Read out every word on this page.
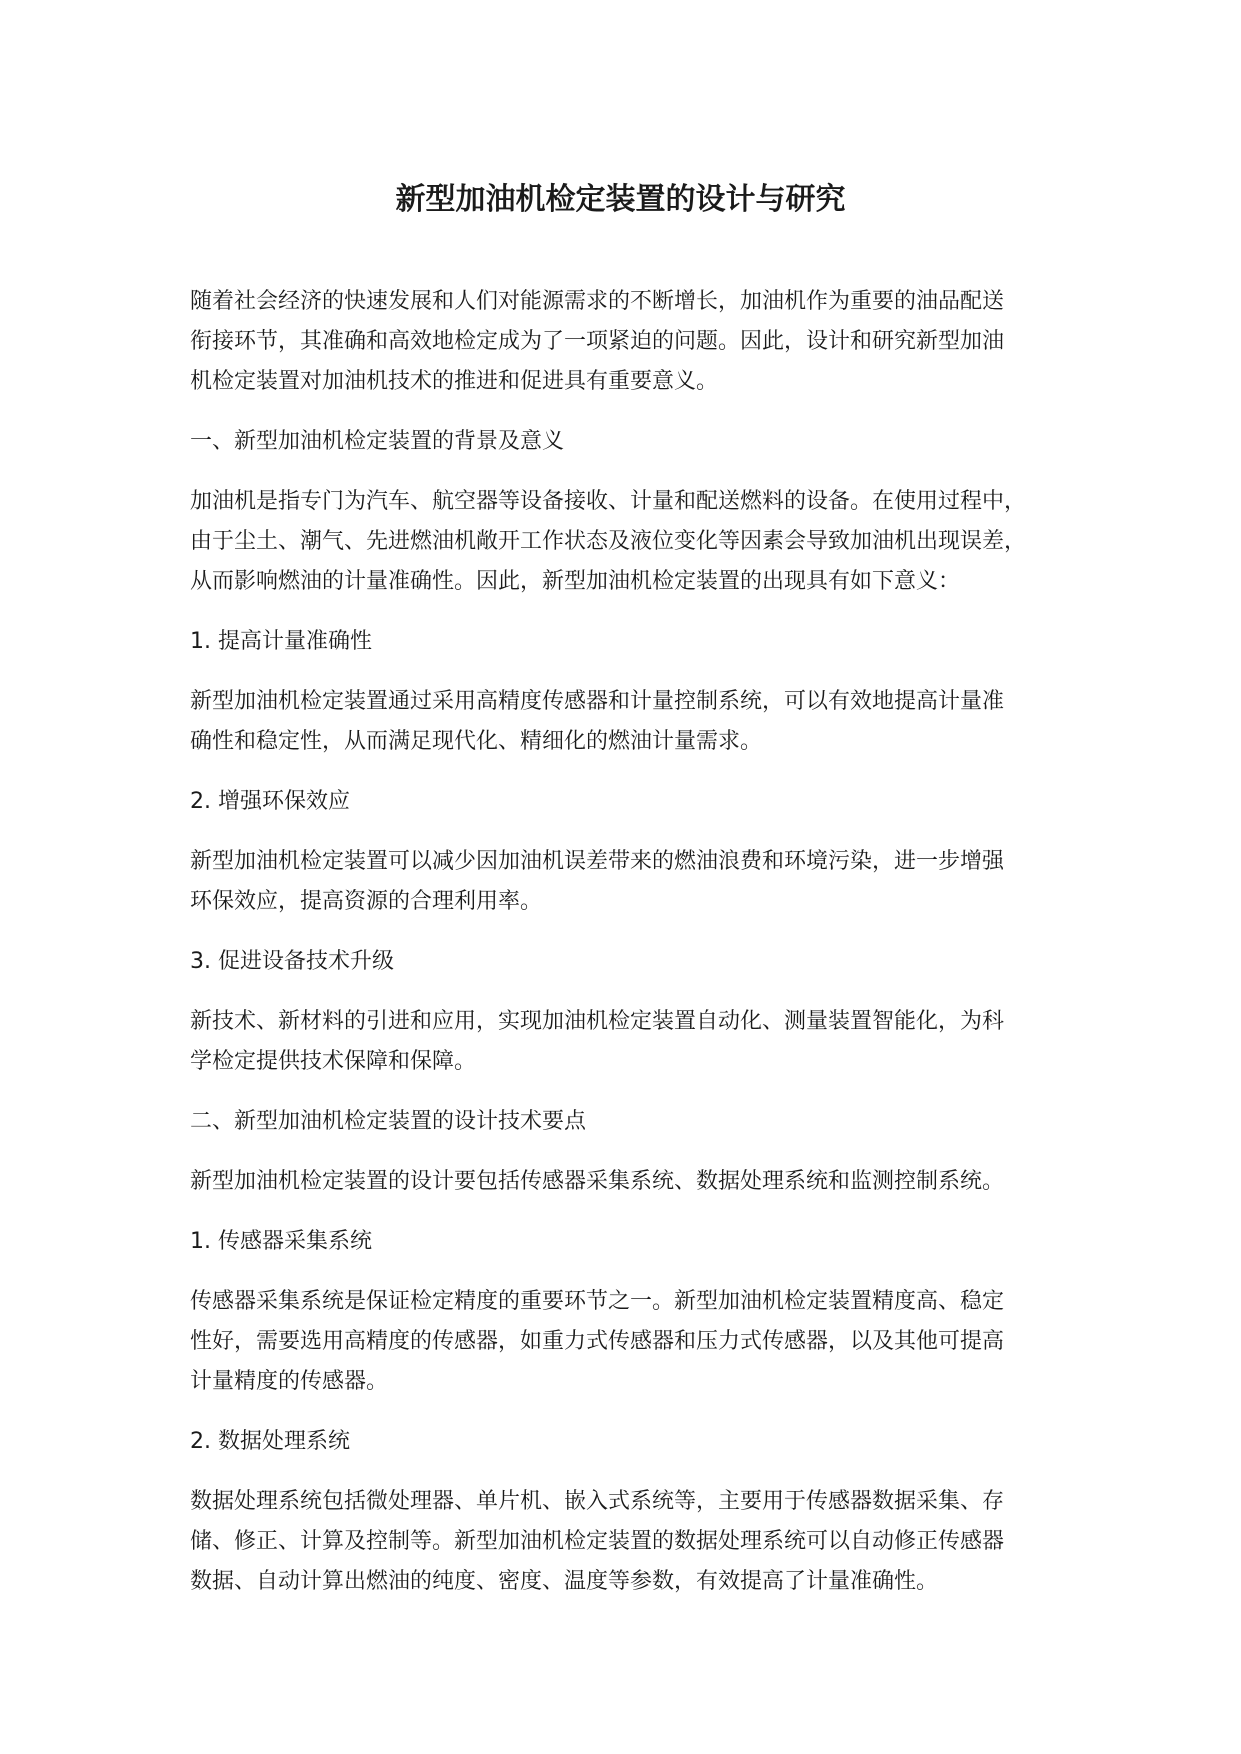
新型加油机检定装置的设计与研究

随着社会经济的快速发展和人们对能源需求的不断增长，加油机作为重要的油品配送
衔接环节，其准确和高效地检定成为了一项紧迫的问题。因此，设计和研究新型加油
机检定装置对加油机技术的推进和促进具有重要意义。

一、新型加油机检定装置的背景及意义

加油机是指专门为汽车、航空器等设备接收、计量和配送燃料的设备。在使用过程中，
由于尘土、潮气、先进燃油机敞开工作状态及液位变化等因素会导致加油机出现误差，
从而影响燃油的计量准确性。因此，新型加油机检定装置的出现具有如下意义：

1. 提高计量准确性

新型加油机检定装置通过采用高精度传感器和计量控制系统，可以有效地提高计量准
确性和稳定性，从而满足现代化、精细化的燃油计量需求。

2. 增强环保效应

新型加油机检定装置可以减少因加油机误差带来的燃油浪费和环境污染，进一步增强
环保效应，提高资源的合理利用率。

3. 促进设备技术升级

新技术、新材料的引进和应用，实现加油机检定装置自动化、测量装置智能化，为科
学检定提供技术保障和保障。

二、新型加油机检定装置的设计技术要点

新型加油机检定装置的设计要包括传感器采集系统、数据处理系统和监测控制系统。

1. 传感器采集系统

传感器采集系统是保证检定精度的重要环节之一。新型加油机检定装置精度高、稳定
性好，需要选用高精度的传感器，如重力式传感器和压力式传感器，以及其他可提高
计量精度的传感器。

2. 数据处理系统

数据处理系统包括微处理器、单片机、嵌入式系统等，主要用于传感器数据采集、存
储、修正、计算及控制等。新型加油机检定装置的数据处理系统可以自动修正传感器
数据、自动计算出燃油的纯度、密度、温度等参数，有效提高了计量准确性。
